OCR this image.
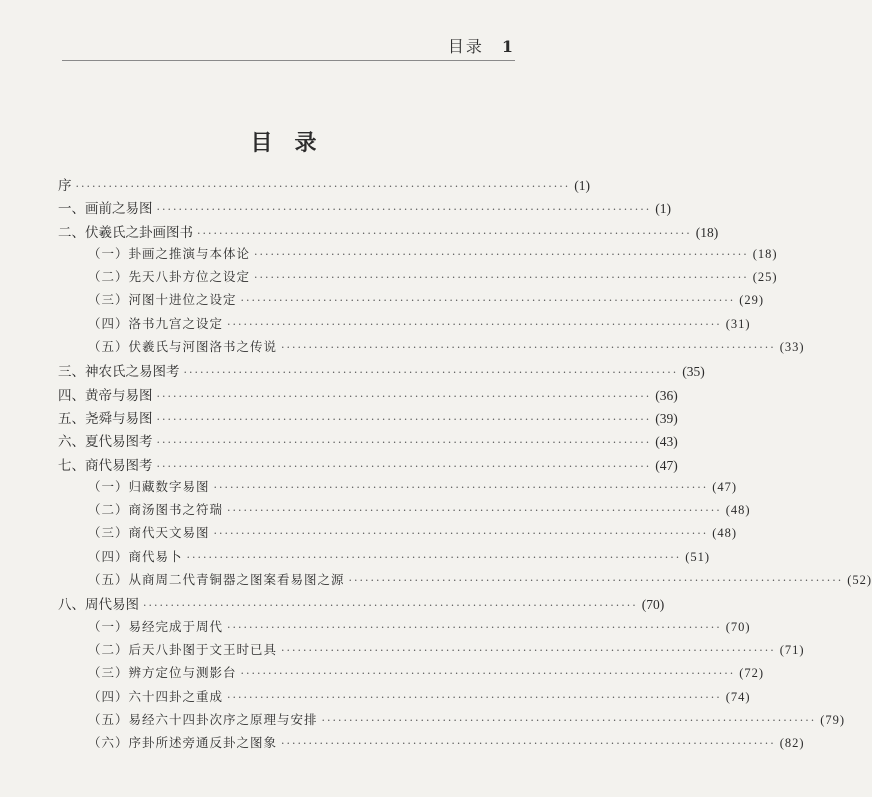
目录 1
目录
序 ·························································································· (1)
一、画前之易图 ·························································································· (1)
二、伏羲氏之卦画图书 ·························································································· (18)
（一）卦画之推演与本体论 ·························································································· (18)
（二）先天八卦方位之设定 ·························································································· (25)
（三）河图十进位之设定 ·························································································· (29)
（四）洛书九宫之设定 ·························································································· (31)
（五）伏羲氏与河图洛书之传说 ·························································································· (33)
三、神农氏之易图考 ·························································································· (35)
四、黄帝与易图 ·························································································· (36)
五、尧舜与易图 ·························································································· (39)
六、夏代易图考 ·························································································· (43)
七、商代易图考 ·························································································· (47)
（一）归藏数字易图 ·························································································· (47)
（二）商汤图书之符瑞 ·························································································· (48)
（三）商代天文易图 ·························································································· (48)
（四）商代易卜 ·························································································· (51)
（五）从商周二代青铜器之图案看易图之源 ·························································································· (52)
八、周代易图 ·························································································· (70)
（一）易经完成于周代 ·························································································· (70)
（二）后天八卦图于文王时已具 ·························································································· (71)
（三）辨方定位与测影台 ·························································································· (72)
（四）六十四卦之重成 ·························································································· (74)
（五）易经六十四卦次序之原理与安排 ·························································································· (79)
（六）序卦所述旁通反卦之图象 ·························································································· (82)
